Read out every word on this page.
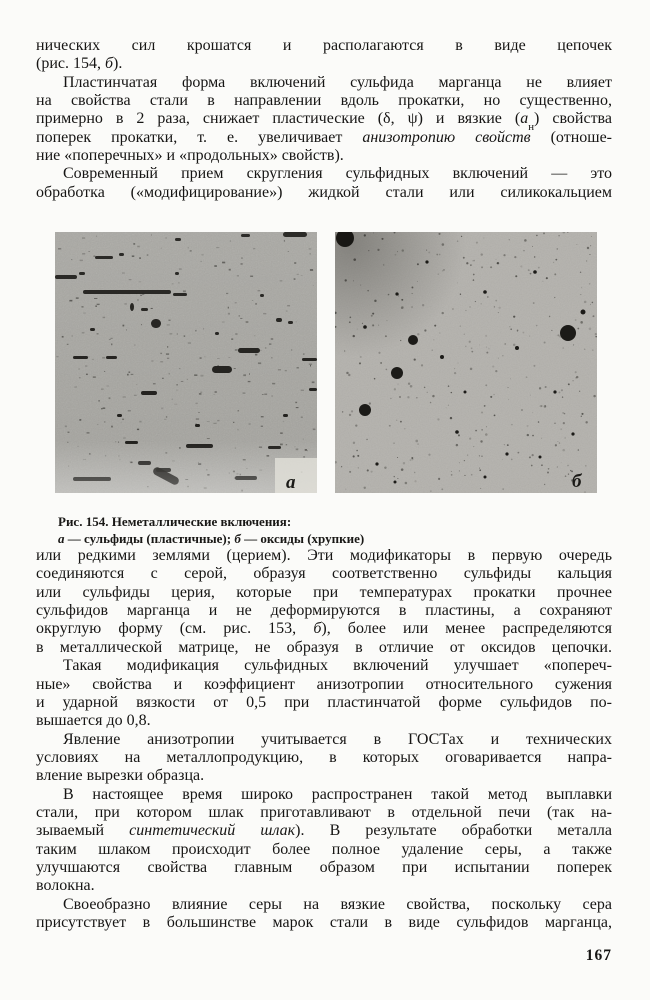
нических сил крошатся и располагаются в виде цепочек
(рис. 154, б).
Пластинчатая форма включений сульфида марганца не влияет
на свойства стали в направлении вдоль прокатки, но существенно,
примерно в 2 раза, снижает пластические (δ, ψ) и вязкие $(a_н)$ свойства
поперек прокатки, т. е. увеличивает анизотропию свойств (отноше-
ние «поперечных» и «продольных» свойств).
Современный прием скругления сульфидных включений — это
обработка («модифицирование») жидкой стали или силикокальцием
а	б
Рис. 154. Неметаллические включения:
а — сульфиды (пластичные); б — оксиды (хрупкие)
или редкими землями (церием). Эти модификаторы в первую очередь
соединяются с серой, образуя соответственно сульфиды кальция
или сульфиды церия, которые при температурах прокатки прочнее
сульфидов марганца и не деформируются в пластины, а сохраняют
округлую форму (см. рис. 153, б), более или менее распределяются
в металлической матрице, не образуя в отличие от оксидов цепочки.
Такая модификация сульфидных включений улучшает «попереч-
ные» свойства и коэффициент анизотропии относительного сужения
и ударной вязкости от 0,5 при пластинчатой форме сульфидов по-
вышается до 0,8.
Явление анизотропии учитывается в ГОСТах и технических
условиях на металлопродукцию, в которых оговаривается напра-
вление вырезки образца.
В настоящее время широко распространен такой метод выплавки
стали, при котором шлак приготавливают в отдельной печи (так на-
зываемый синтетический шлак). В результате обработки металла
таким шлаком происходит более полное удаление серы, а также
улучшаются свойства главным образом при испытании поперек
волокна.
Своеобразно влияние серы на вязкие свойства, поскольку сера
присутствует в большинстве марок стали в виде сульфидов марганца,
167
